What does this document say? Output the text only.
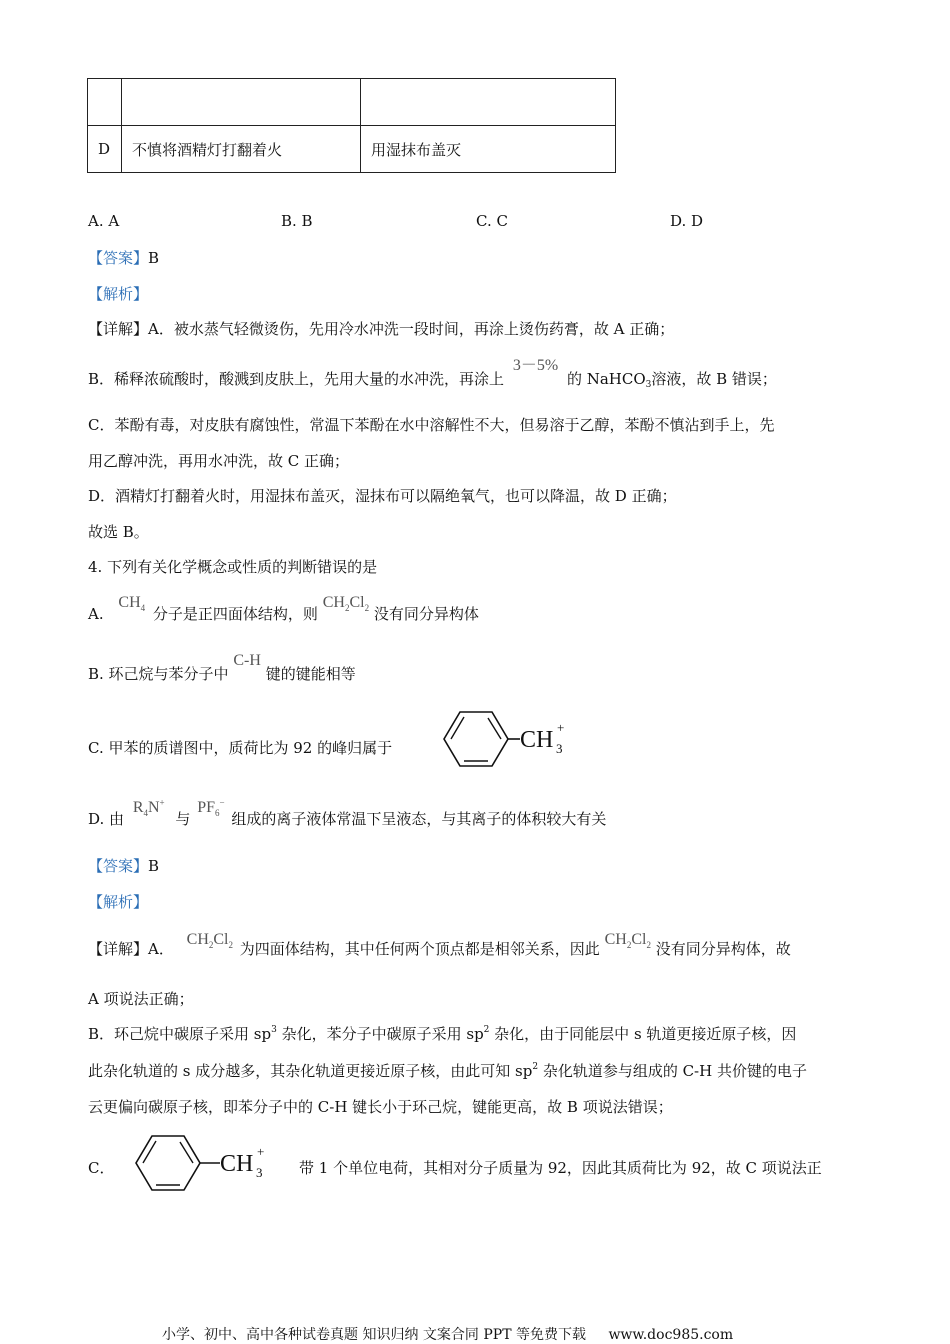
D	不慎将酒精灯打翻着火	用湿抹布盖灭
A. A	B. B	C. C	D. D
【答案】B
【解析】
【详解】A．被水蒸气轻微烫伤，先用冷水冲洗一段时间，再涂上烫伤药膏，故 A 正确；
B．稀释浓硫酸时，酸溅到皮肤上，先用大量的水冲洗，再涂上 3－5% 的 NaHCO$_3$溶液，故 B 错误；
C．苯酚有毒，对皮肤有腐蚀性，常温下苯酚在水中溶解性不大，但易溶于乙醇，苯酚不慎沾到手上，先
用乙醇冲洗，再用水冲洗，故 C 正确；
D．酒精灯打翻着火时，用湿抹布盖灭，湿抹布可以隔绝氧气，也可以降温，故 D 正确；
故选 B。
4. 下列有关化学概念或性质的判断错误的是
A. $CH_4$ 分子是正四面体结构，则 $CH_2Cl_2$ 没有同分异构体
B. 环己烷与苯分子中 C-H 键的键能相等
C. 甲苯的质谱图中，质荷比为 92 的峰归属于	CH 3
+
D. 由 $R_4N^+$ 与 $PF_6^-$ 组成的离子液体常温下呈液态，与其离子的体积较大有关
【答案】B
【解析】
【详解】A． $CH_2Cl_2$ 为四面体结构，其中任何两个顶点都是相邻关系，因此 $CH_2Cl_2$ 没有同分异构体，故
A 项说法正确；
B．环己烷中碳原子采用 $sp^3$ 杂化，苯分子中碳原子采用 $sp^2$ 杂化，由于同能层中 s 轨道更接近原子核，因
此杂化轨道的 s 成分越多，其杂化轨道更接近原子核，由此可知 $sp^2$ 杂化轨道参与组成的 C-H 共价键的电子
云更偏向碳原子核，即苯分子中的 C-H 键长小于环己烷，键能更高，故 B 项说法错误；
C．	CH 3
+
带 1 个单位电荷，其相对分子质量为 92，因此其质荷比为 92，故 C 项说法正
小学、初中、高中各种试卷真题 知识归纳 文案合同 PPT 等免费下载 www.doc985.com
